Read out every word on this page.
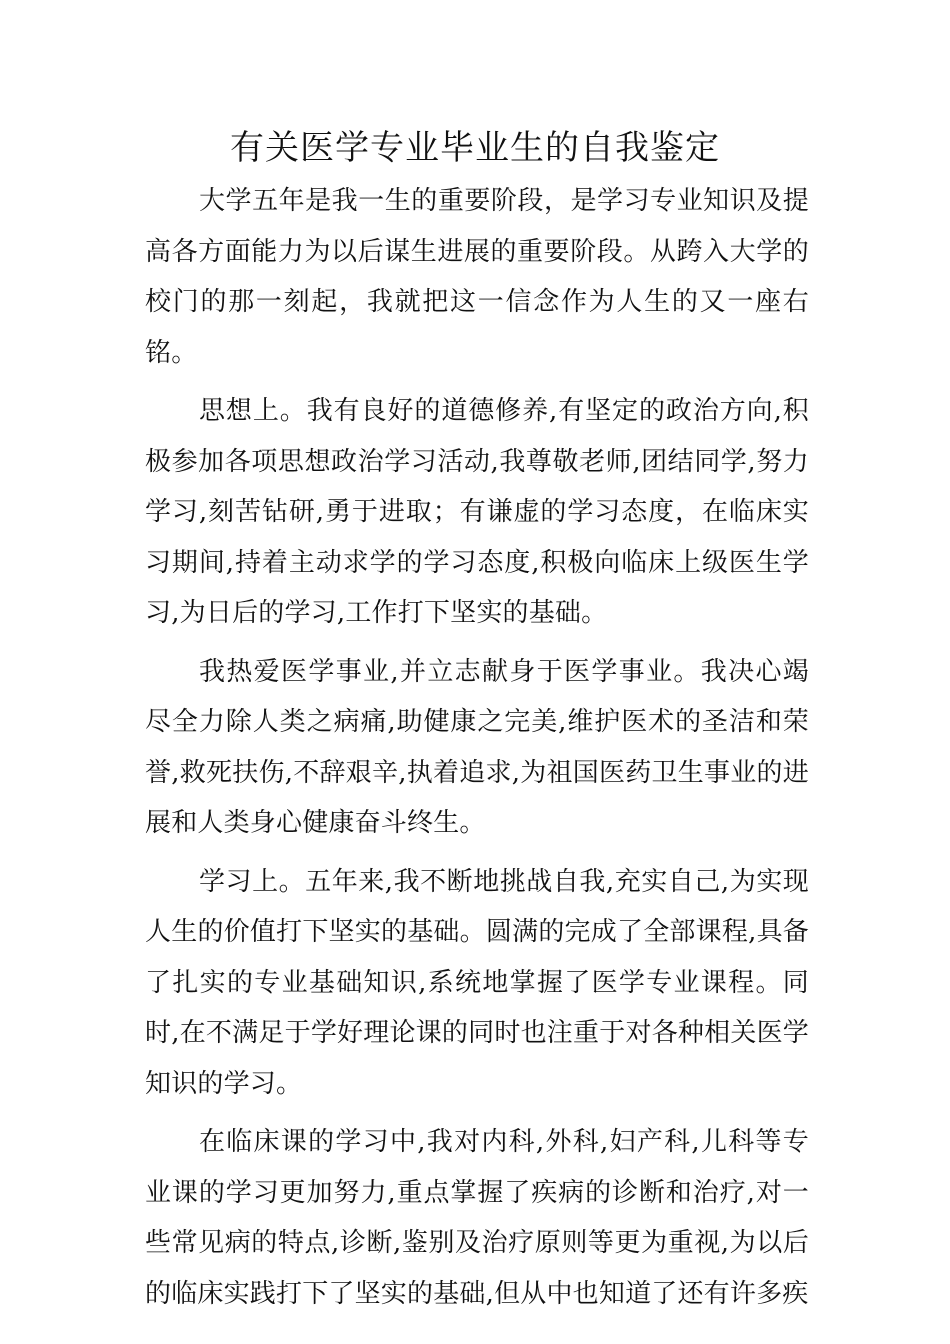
有关医学专业毕业生的自我鉴定

大学五年是我一生的重要阶段，是学习专业知识及提高各方面能力为以后谋生进展的重要阶段。从跨入大学的校门的那一刻起，我就把这一信念作为人生的又一座右铭。

思想上。我有良好的道德修养,有坚定的政治方向,积极参加各项思想政治学习活动,我尊敬老师,团结同学,努力学习,刻苦钻研,勇于进取；有谦虚的学习态度，在临床实习期间,持着主动求学的学习态度,积极向临床上级医生学习,为日后的学习,工作打下坚实的基础。

我热爱医学事业,并立志献身于医学事业。我决心竭尽全力除人类之病痛,助健康之完美,维护医术的圣洁和荣誉,救死扶伤,不辞艰辛,执着追求,为祖国医药卫生事业的进展和人类身心健康奋斗终生。

学习上。五年来,我不断地挑战自我,充实自己,为实现人生的价值打下坚实的基础。圆满的完成了全部课程,具备了扎实的专业基础知识,系统地掌握了医学专业课程。同时,在不满足于学好理论课的同时也注重于对各种相关医学知识的学习。

在临床课的学习中,我对内科,外科,妇产科,儿科等专业课的学习更加努力,重点掌握了疾病的诊断和治疗,对一些常见病的特点,诊断,鉴别及治疗原则等更为重视,为以后的临床实践打下了坚实的基础,但从中也知道了还有许多疾
